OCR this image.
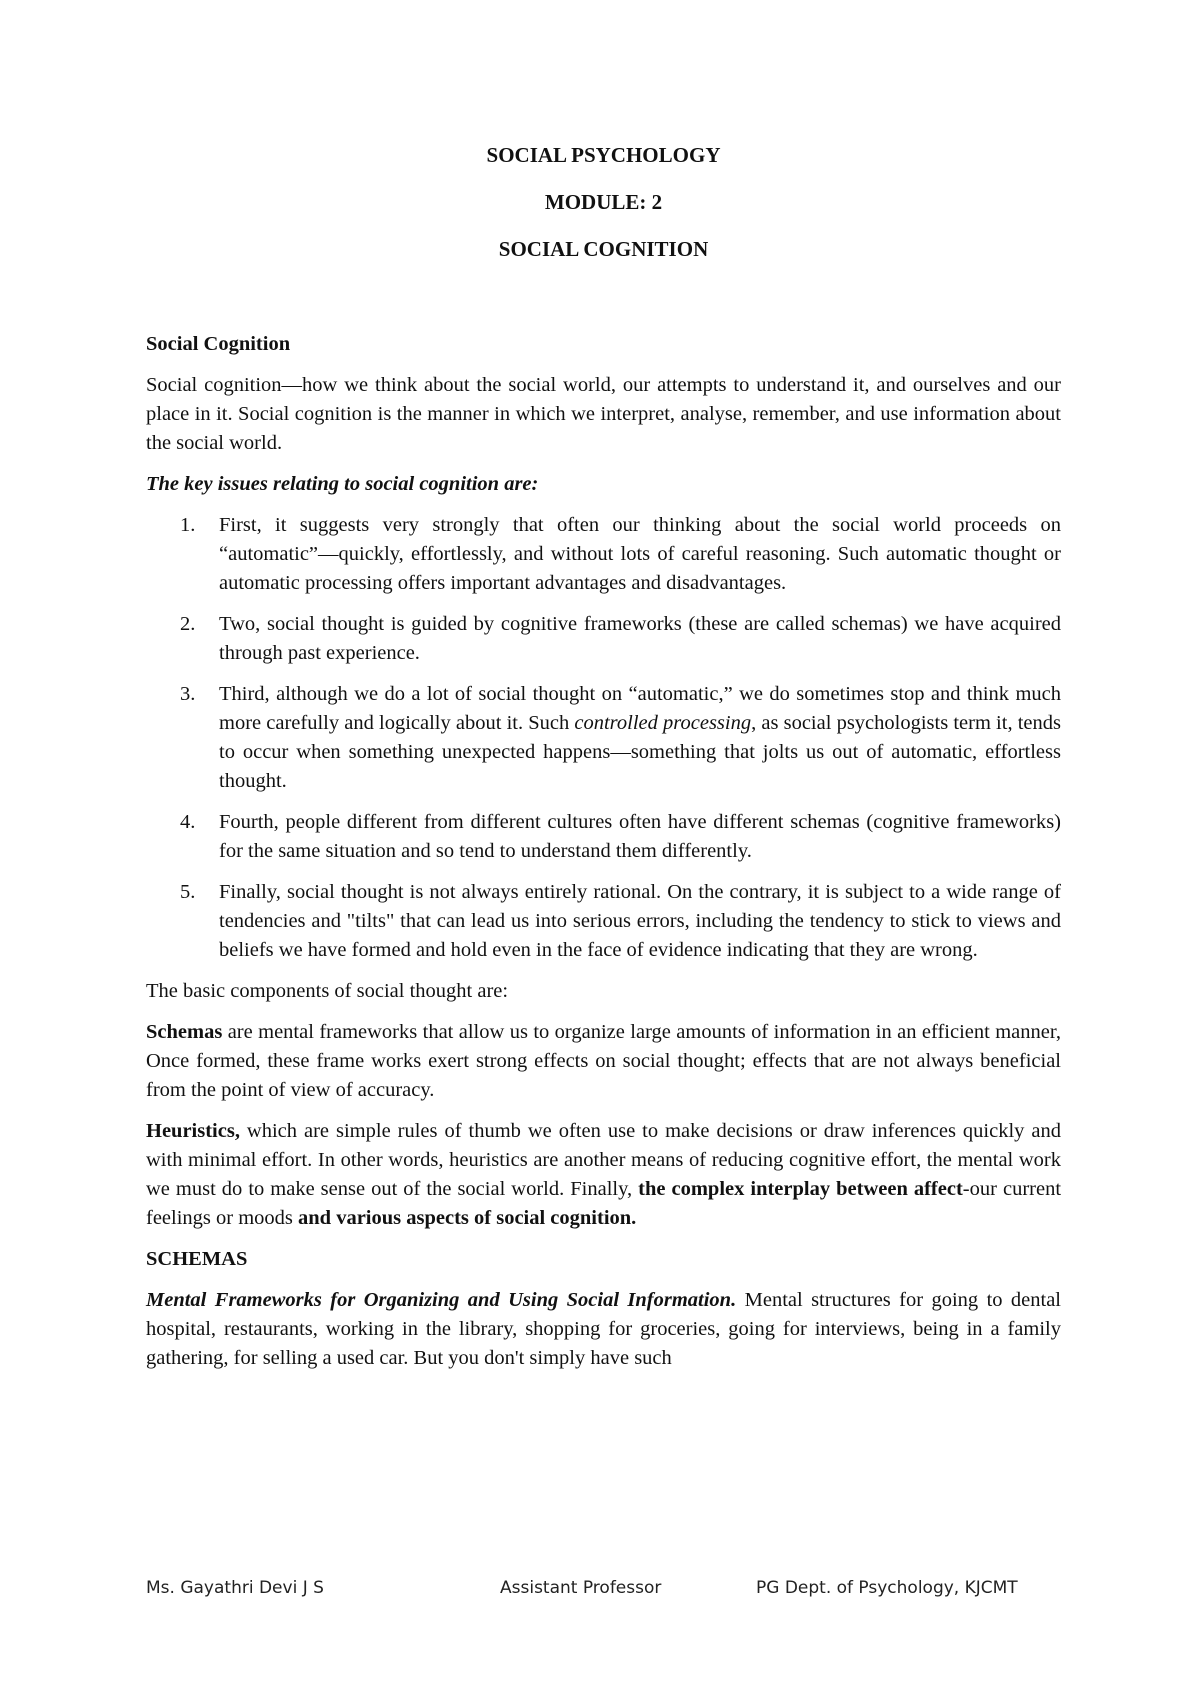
SOCIAL PSYCHOLOGY
MODULE: 2
SOCIAL COGNITION
Social Cognition

Social cognition—how we think about the social world, our attempts to understand it, and ourselves and our place in it. Social cognition is the manner in which we interpret, analyse, remember, and use information about the social world.

The key issues relating to social cognition are:

1. First, it suggests very strongly that often our thinking about the social world proceeds on “automatic”—quickly, effortlessly, and without lots of careful reasoning. Such automatic thought or automatic processing offers important advantages and disadvantages.
2. Two, social thought is guided by cognitive frameworks (these are called schemas) we have acquired through past experience.
3. Third, although we do a lot of social thought on “automatic,” we do sometimes stop and think much more carefully and logically about it. Such controlled processing, as social psychologists term it, tends to occur when something unexpected happens—something that jolts us out of automatic, effortless thought.
4. Fourth, people different from different cultures often have different schemas (cognitive frameworks) for the same situation and so tend to understand them differently.
5. Finally, social thought is not always entirely rational. On the contrary, it is subject to a wide range of tendencies and "tilts" that can lead us into serious errors, including the tendency to stick to views and beliefs we have formed and hold even in the face of evidence indicating that they are wrong.

The basic components of social thought are:

Schemas are mental frameworks that allow us to organize large amounts of information in an efficient manner, Once formed, these frame works exert strong effects on social thought; effects that are not always beneficial from the point of view of accuracy.

Heuristics, which are simple rules of thumb we often use to make decisions or draw inferences quickly and with minimal effort. In other words, heuristics are another means of reducing cognitive effort, the mental work we must do to make sense out of the social world. Finally, the complex interplay between affect-our current feelings or moods and various aspects of social cognition.

SCHEMAS

Mental Frameworks for Organizing and Using Social Information. Mental structures for going to dental hospital, restaurants, working in the library, shopping for groceries, going for interviews, being in a family gathering, for selling a used car. But you don't simply have such

Ms. Gayathri Devi J S	Assistant Professor	PG Dept. of Psychology, KJCMT
